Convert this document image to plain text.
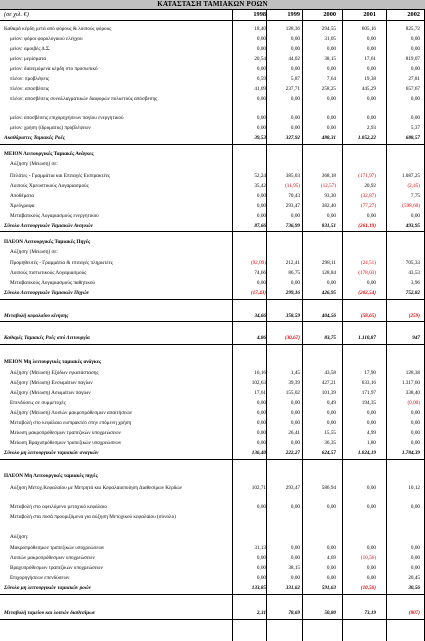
ΚΑΤΑΣΤΑΣΗ ΤΑΜΙΑΚΩΝ ΡΟΩΝ
(σε χιλ. €)	1998	1999	2000	2001	2002
Καθαρά κέρδη μετά από φόρους & λοιπούς φόρους	18,40	128,36	294,55	605,16	825,72
μείον: φόροι φορολογικού ελέγχου	0,00	0,00	31,05	0,00	0,00
μείον: αμοιβές Δ.Σ.	0,00	0,00	0,00	0,00	0,00
μείον: μερίσματα	20,54	44,02	38,15	17,61	819,07
μείον: διανεμόμενα κέρδη στο προσωπικό	0,00	0,00	0,00	0,00	0,00
πλέον: προβλέψεις	0,59	5,87	7,64	19,38	27,81
πλέον: αποσβέσεις	41,09	237,71	258,25	445,29	657,67
πλέον: αποσβέσεις συναλλαγματικών διαφορών πολυετούς απόσβεσης	0,00	0,00	0,00	0,00	0,00
μείον: αποσβέσεις επιχορηγήσεων παγίου ενεργητικού	0,00	0,00	0,00	0,00	0,00
μείον: χρήση (ίδρυματος) προβλέψεων	0,00	0,00	0,00	2,93	5,37
Ακαθάριστες Ταμιακές Ροές	39,53	327,92	488,31	1.052,22	688,57
ΜΕΙΟΝ Λειτουργικές Ταμιακές Ανάγκες
Αύξηση/ (Μείωση) σε:
Πελάτες - Γραμμάτια και Επιταγές Εισπρακτέες	52,24	385,03	368,18	(171,97)	1.087,25
Λοιπούς Χρεωστικούς Λογαριασμούς	35,42	(11,95)	(12,57)	20,92	(2,45)
Αποθέματα	0,00	70,43	93,30	(32,87)	7,75
Χρεόγραφα	0,00	293,47	382,40	(77,27)	(598,60)
Μεταβατικούς Λογαριασμούς ενεργητικού	0,00	0,00	0,00	0,00	0,00
Σύνολο Λειτουργικών Ταμιακών Αναγκών	87,66	736,99	831,51	(261,19)	493,95
ΠΛΕΟΝ Λειτουργικές Ταμιακές Πηγές
Αύξηση/ (Μείωση) σε:
Προμηθευτές - Γραμμάτια & επιταγές πληρωτέες	(92,09)	212,41	298,11	(24,51)	705,33
Λοιπούς πιστωτικούς Λογαριασμούς	74,66	86,75	128,84	(178,03)	43,53
Μεταβατικούς Λογαριασμούς παθητικού	0,00	0,00	0,00	0,00	3,96
Σύνολο Λειτουργικών Ταμιακών Πηγών	(17,43)	299,16	426,95	(202,54)	752,82
Μεταβολή κεφαλαίου κίνησης	34,66	358,59	404,56	(58,65)	(259)
Καθαρές Ταμιακές Ροές από Λειτουργία	4,86	(30,67)	83,75	1.110,87	947
ΜΕΙΟΝ Μη λειτουργικές ταμιακές ανάγκες
Αύξηση/ (Μείωση) Εξόδων εγκατάστασης	16,16	1,45	43,58	17,90	128,38
Αύξηση/ (Μείωση) Ενσωμάτων παγίων	102,63	39,39	427,21	633,16	1.317,60
Αύξηση/ (Μείωση) Ασωμάτων παγίων	17,61	155,02	101,39	171,97	338,40
Επενδύσεις σε συμμετοχές	0,00	0,00	0,49	194,35	(0,00)
Αύξηση/ (Μείωση) Λοιπών μακροπρόθεσμων απαιτήσεων	0,00	0,00	0,00	0,00	0,00
Μεταβολή στο κεφάλαιο εισπρακτέο στην επόμενη χρήση	0,00	0,00	0,00	0,00	0,00
Μείωση μακροπρόθεσμων τραπεζικών υποχρεώσεων	0,00	26,41	15,55	4,99	0,00
Μείωση Βραχυπρόθεσμων τραπεζικών υποχρεώσεων	0,00	0,00	36,35	1,80	0,00
Σύνολο μη λειτουργικών ταμιακών αναγκών	136,40	222,27	624,57	1.024,19	1.784,39
ΠΛΕΟΝ Μη Λειτουργικές ταμιακές πηγές
Αύξηση Μετοχ.Κεφαλαίου με Μετρητά και Κεφαλαιοποίηση Διαθεσίμων Κερδών	102,71	293,47	586,94	0,00	10,12
Μεταβολή στο οφειλόμενο μετοχικό κεφάλαιο	0,00	0,00	0,00	0,00	0,00
Μεταβολή στα ποσά προοριζόμενα για αύξηση Μετοχικού κεφαλαίου (σύνολο)
Αύξηση:
Μακροπρόθεσμων τραπεζικών υποχρεώσεων	31,13	0,00	0,00	0,00	0,00
Λοιπών μακροπρόθεσμων υποχρεώσεων	0,00	0,00	4,69	(10,56)	0,00
Βραχυπρόθεσμων τραπεζικών υποχρεώσεων	0,00	38,15	0,00	0,00	0,00
Επιχορηγήσεων επενδύσεων	0,00	0,00	0,00	0,00	20,45
Σύνολο μη λειτουργικών ταμιακών ροών	133,85	331,62	591,63	(10,56)	30,56
Μεταβολή ταμείου και λοιπών διαθεσίμων	2,31	78,69	50,80	73,19	(807)
